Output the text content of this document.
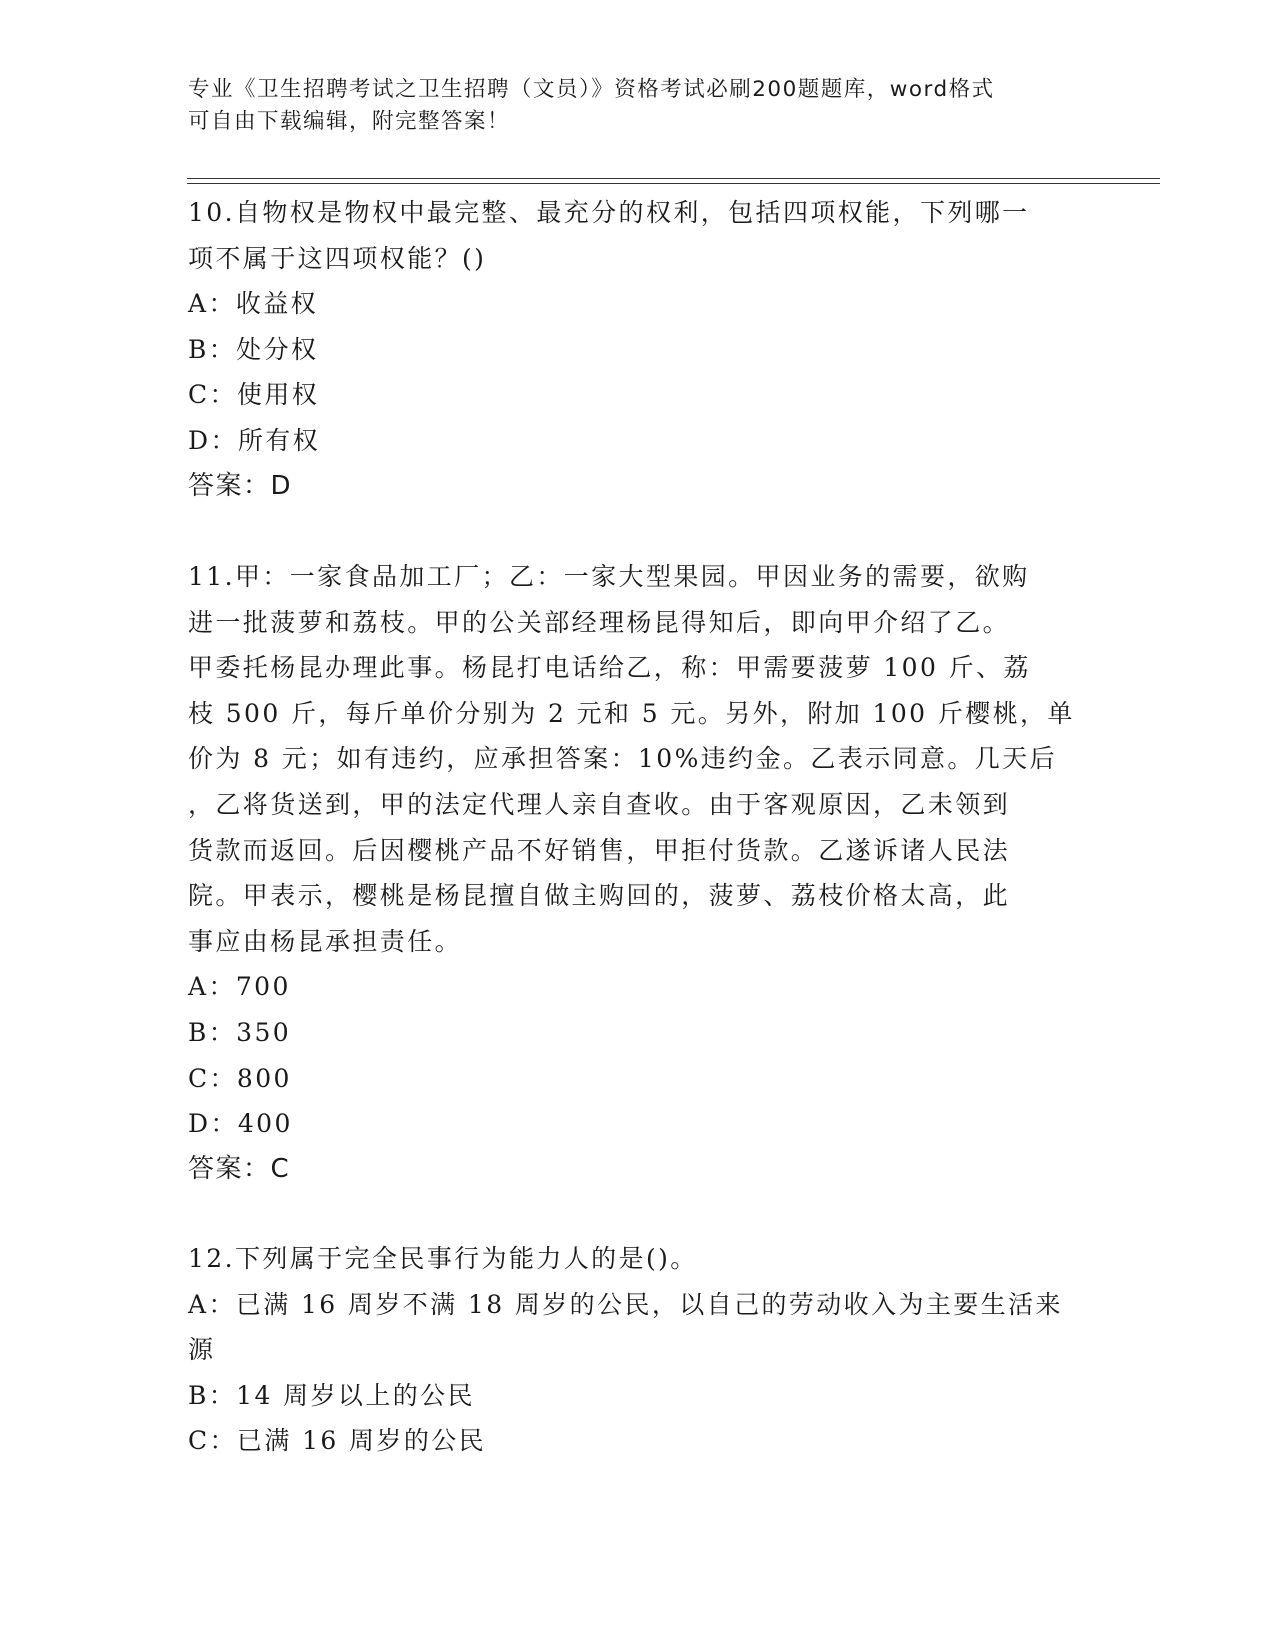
专业《卫生招聘考试之卫生招聘（文员）》资格考试必刷200题题库，word格式
可自由下载编辑，附完整答案！
10.自物权是物权中最完整、最充分的权利，包括四项权能，下列哪一
项不属于这四项权能？()
A：收益权
B：处分权
C：使用权
D：所有权
答案：D
11.甲：一家食品加工厂；乙：一家大型果园。甲因业务的需要，欲购
进一批菠萝和荔枝。甲的公关部经理杨昆得知后，即向甲介绍了乙。
甲委托杨昆办理此事。杨昆打电话给乙，称：甲需要菠萝 100 斤、荔
枝 500 斤，每斤单价分别为 2 元和 5 元。另外，附加 100 斤樱桃，单
价为 8 元；如有违约，应承担答案：10%违约金。乙表示同意。几天后
，乙将货送到，甲的法定代理人亲自查收。由于客观原因，乙未领到
货款而返回。后因樱桃产品不好销售，甲拒付货款。乙遂诉诸人民法
院。甲表示，樱桃是杨昆擅自做主购回的，菠萝、荔枝价格太高，此
事应由杨昆承担责任。
A：700
B：350
C：800
D：400
答案：C
12.下列属于完全民事行为能力人的是()。
A：已满 16 周岁不满 18 周岁的公民，以自己的劳动收入为主要生活来
源
B：14 周岁以上的公民
C：已满 16 周岁的公民
